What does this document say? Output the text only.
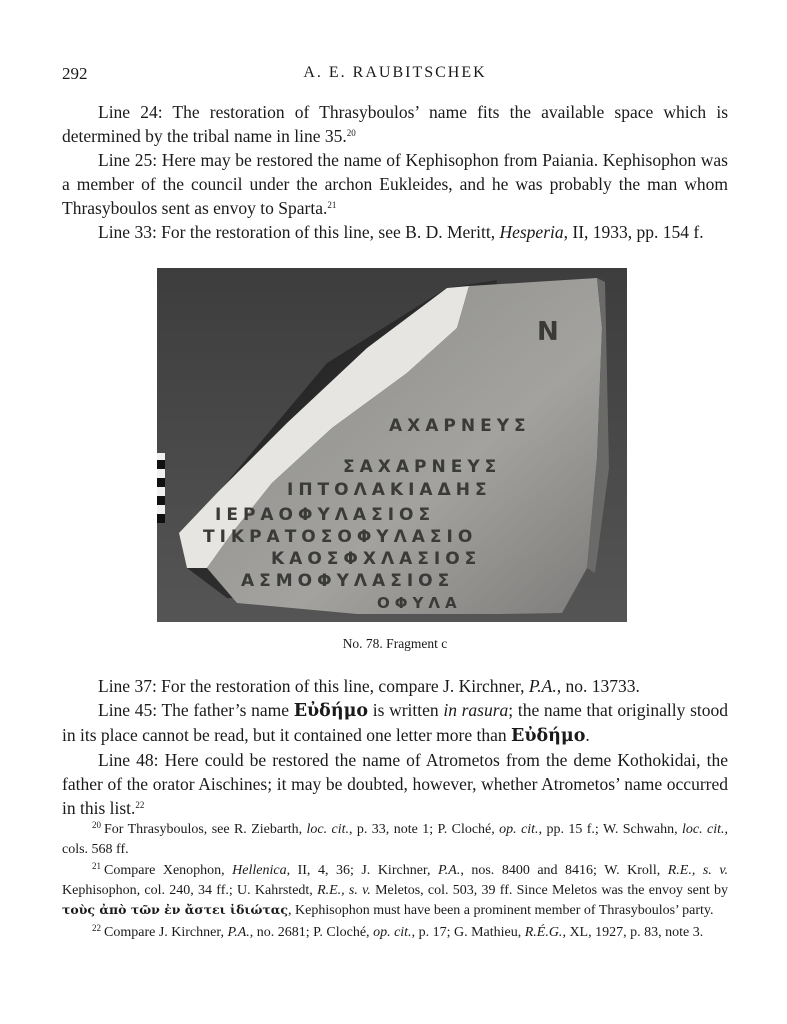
292	A. E. RAUBITSCHEK

Line 24: The restoration of Thrasyboulos’ name fits the available space which is determined by the tribal name in line 35.20

Line 25: Here may be restored the name of Kephisophon from Paiania. Kephisophon was a member of the council under the archon Eukleides, and he was probably the man whom Thrasyboulos sent as envoy to Sparta.$^{21}$

Line 33: For the restoration of this line, see B. D. Meritt, Hesperia, II, 1933, pp. 154 f.

Ν
ΑΧΑΡΝΕΥΣ
ΣΑΧΑΡΝΕΥΣ
ΙΠΤΟΛΑΚΙΑΔΗΣ
ΙΕΡΑΟΦΥΛΑΣΙΟΣ
ΤΙΚΡΑΤΟΣΟΦΥΛΑΣΙΟ
ΚΑΟΣΦΧΛΑΣΙΟΣ
ΑΣΜΟΦΥΛΑΣΙΟΣ
ΟΦΥΛΑ
No. 78. Fragment c

Line 37: For the restoration of this line, compare J. Kirchner, P.A., no. 13733.

Line 45: The father’s name Εὐδήμο is written in rasura; the name that originally stood in its place cannot be read, but it contained one letter more than Εὐδήμο.

Line 48: Here could be restored the name of Atrometos from the deme Kothokidai, the father of the orator Aischines; it may be doubted, however, whether Atrometos’ name occurred in this list.$^{22}$

$^{20}$ For Thrasyboulos, see R. Ziebarth, loc. cit., p. 33, note 1; P. Cloché, op. cit., pp. 15 f.; W. Schwahn, loc. cit., cols. 568 ff.

$^{21}$ Compare Xenophon, Hellenica, II, 4, 36; J. Kirchner, P.A., nos. 8400 and 8416; W. Kroll, R.E., s. v. Kephisophon, col. 240, 34 ff.; U. Kahrstedt, R.E., s. v. Meletos, col. 503, 39 ff. Since Meletos was the envoy sent by τοὺς ἀπὸ τῶν ἐν ἄστει ἰδιώτας, Kephisophon must have been a prominent member of Thrasyboulos’ party.

$^{22}$ Compare J. Kirchner, P.A., no. 2681; P. Cloché, op. cit., p. 17; G. Mathieu, R.É.G., XL, 1927, p. 83, note 3.
